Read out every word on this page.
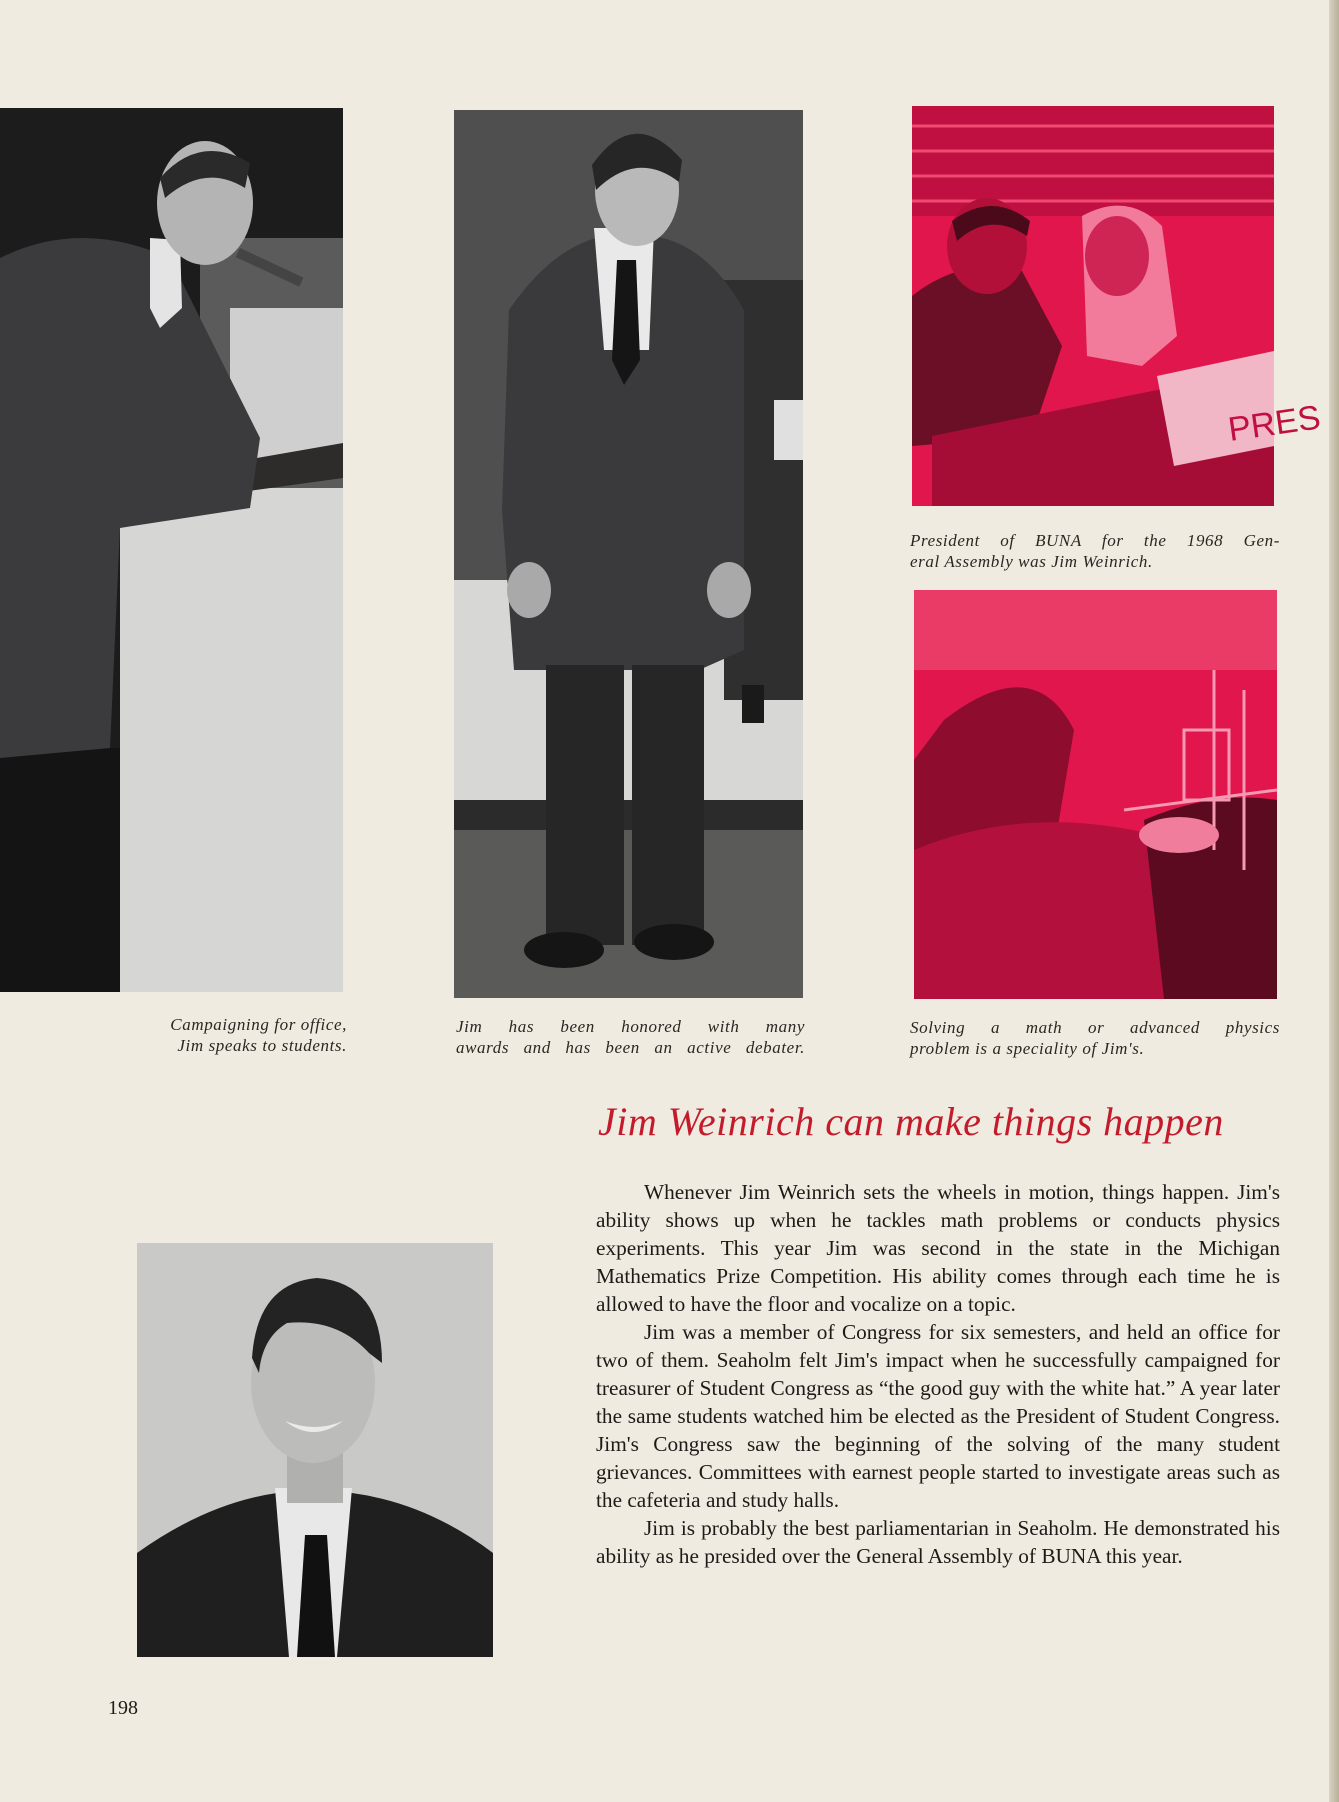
PRES
Campaigning for office,
Jim speaks to students.
Jim has been honored with many
awards and has been an active debater.
President of BUNA for the 1968 Gen-
eral Assembly was Jim Weinrich.
Solving a math or advanced physics
problem is a speciality of Jim's.
Jim Weinrich can make things happen

Whenever Jim Weinrich sets the wheels in motion, things happen. Jim's ability shows up when he tackles math problems or conducts physics experiments. This year Jim was second in the state in the Michigan Mathematics Prize Competition. His ability comes through each time he is allowed to have the floor and vocalize on a topic.

Jim was a member of Congress for six semesters, and held an office for two of them. Seaholm felt Jim's impact when he successfully campaigned for treasurer of Student Congress as “the good guy with the white hat.” A year later the same students watched him be elected as the President of Student Congress. Jim's Congress saw the beginning of the solving of the many student grievances. Committees with earnest people started to investigate areas such as the cafeteria and study halls.

Jim is probably the best parliamentarian in Seaholm. He demonstrated his ability as he presided over the General Assembly of BUNA this year.

198
